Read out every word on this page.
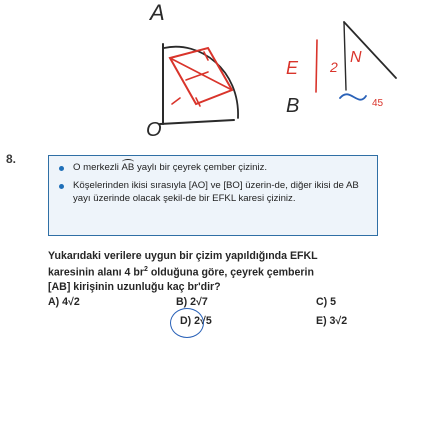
A
O
B
E 2
N
45
8.
O merkezli AB yaylı bir çeyrek çember çiziniz.
Köşelerinden ikisi sırasıyla [AO] ve [BO] üzerin-de, diğer ikisi de AB yayı üzerinde olacak şekil-de bir EFKL karesi çiziniz.
Yukarıdaki verilere uygun bir çizim yapıldığında EFKL
karesinin alanı 4 $br^2$ olduğuna göre, çeyrek çemberin
[AB] kirişinin uzunluğu kaç br'dir?
A) 4√2	B) 2√7	C) 5
D) 2√5	E) 3√2
